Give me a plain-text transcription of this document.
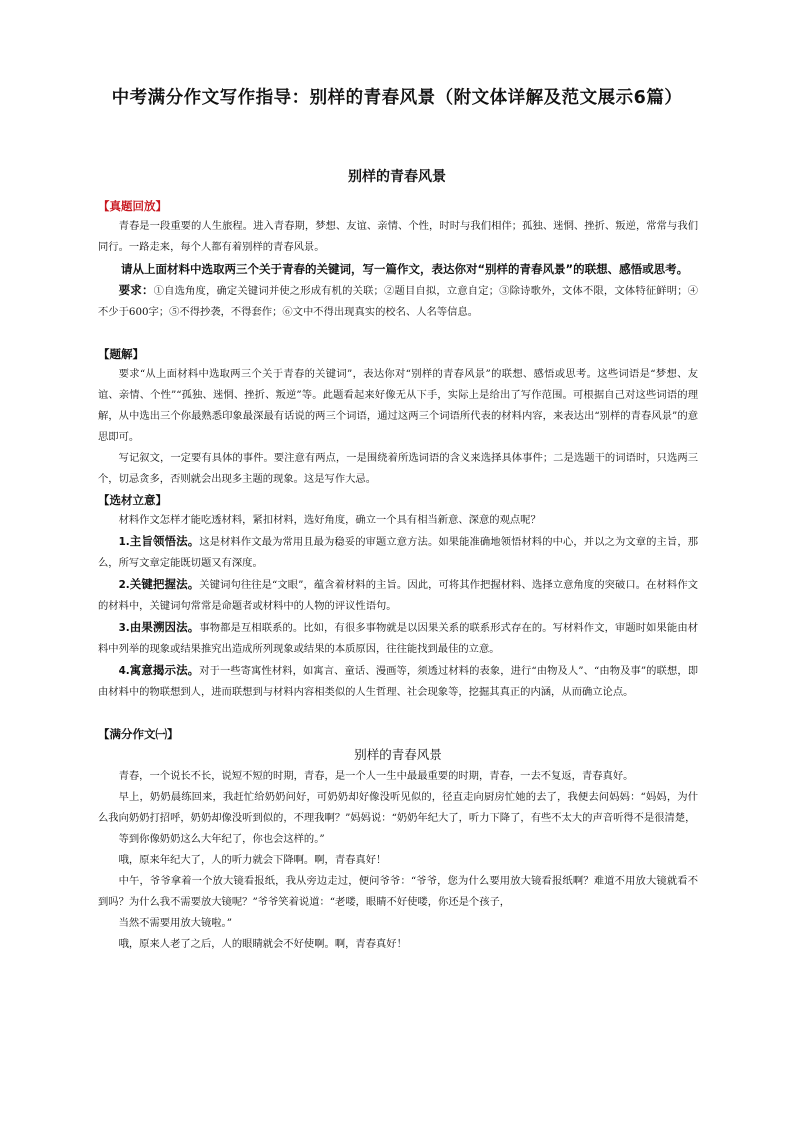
中考满分作文写作指导：别样的青春风景（附文体详解及范文展示6篇）
别样的青春风景

【真题回放】

青春是一段重要的人生旅程。进入青春期，梦想、友谊、亲情、个性，时时与我们相伴；孤独、迷惘、挫折、叛逆，常常与我们同行。一路走来，每个人都有着别样的青春风景。

请从上面材料中选取两三个关于青春的关键词，写一篇作文，表达你对“别样的青春风景”的联想、感悟或思考。

要求：①自选角度，确定关键词并使之形成有机的关联；②题目自拟，立意自定；③除诗歌外，文体不限，文体特征鲜明；④不少于600字；⑤不得抄袭，不得套作；⑥文中不得出现真实的校名、人名等信息。

【题解】

要求“从上面材料中选取两三个关于青春的关键词”，表达你对“别样的青春风景”的联想、感悟或思考。这些词语是“梦想、友谊、亲情、个性”“孤独、迷惘、挫折、叛逆”等。此题看起来好像无从下手，实际上是给出了写作范围。可根据自己对这些词语的理解，从中选出三个你最熟悉印象最深最有话说的两三个词语，通过这两三个词语所代表的材料内容，来表达出“别样的青春风景”的意思即可。

写记叙文，一定要有具体的事件。要注意有两点，一是围绕着所选词语的含义来选择具体事件；二是选题干的词语时，只选两三个，切忌贪多，否则就会出现多主题的现象。这是写作大忌。

【选材立意】

材料作文怎样才能吃透材料，紧扣材料，选好角度，确立一个具有相当新意、深意的观点呢？

1.主旨领悟法。这是材料作文最为常用且最为稳妥的审题立意方法。如果能准确地领悟材料的中心，并以之为文章的主旨，那么，所写文章定能既切题又有深度。

2.关键把握法。关键词句往往是“文眼”，蕴含着材料的主旨。因此，可将其作把握材料、选择立意角度的突破口。在材料作文的材料中，关键词句常常是命题者或材料中的人物的评议性语句。

3.由果溯因法。事物都是互相联系的。比如，有很多事物就是以因果关系的联系形式存在的。写材料作文，审题时如果能由材料中列举的现象或结果推究出造成所列现象或结果的本质原因，往往能找到最佳的立意。

4.寓意揭示法。对于一些寄寓性材料，如寓言、童话、漫画等，须透过材料的表象，进行“由物及人”、“由物及事”的联想，即由材料中的物联想到人，进而联想到与材料内容相类似的人生哲理、社会现象等，挖掘其真正的内涵，从而确立论点。

【满分作文㈠】

别样的青春风景

青春，一个说长不长，说短不短的时期，青春，是一个人一生中最最重要的时期，青春，一去不复返，青春真好。

早上，奶奶晨练回来，我赶忙给奶奶问好，可奶奶却好像没听见似的，径直走向厨房忙她的去了，我便去问妈妈：“妈妈，为什么我向奶奶打招呼，奶奶却像没听到似的，不理我啊？”妈妈说：“奶奶年纪大了，听力下降了，有些不太大的声音听得不是很清楚，

等到你像奶奶这么大年纪了，你也会这样的。”

哦，原来年纪大了，人的听力就会下降啊。啊，青春真好！

中午，爷爷拿着一个放大镜看报纸，我从旁边走过，便问爷爷：“爷爷，您为什么要用放大镜看报纸啊？难道不用放大镜就看不到吗？为什么我不需要放大镜呢？”爷爷笑着说道：“老喽，眼睛不好使喽，你还是个孩子，

当然不需要用放大镜啦。”

哦，原来人老了之后，人的眼睛就会不好使啊。啊，青春真好！
